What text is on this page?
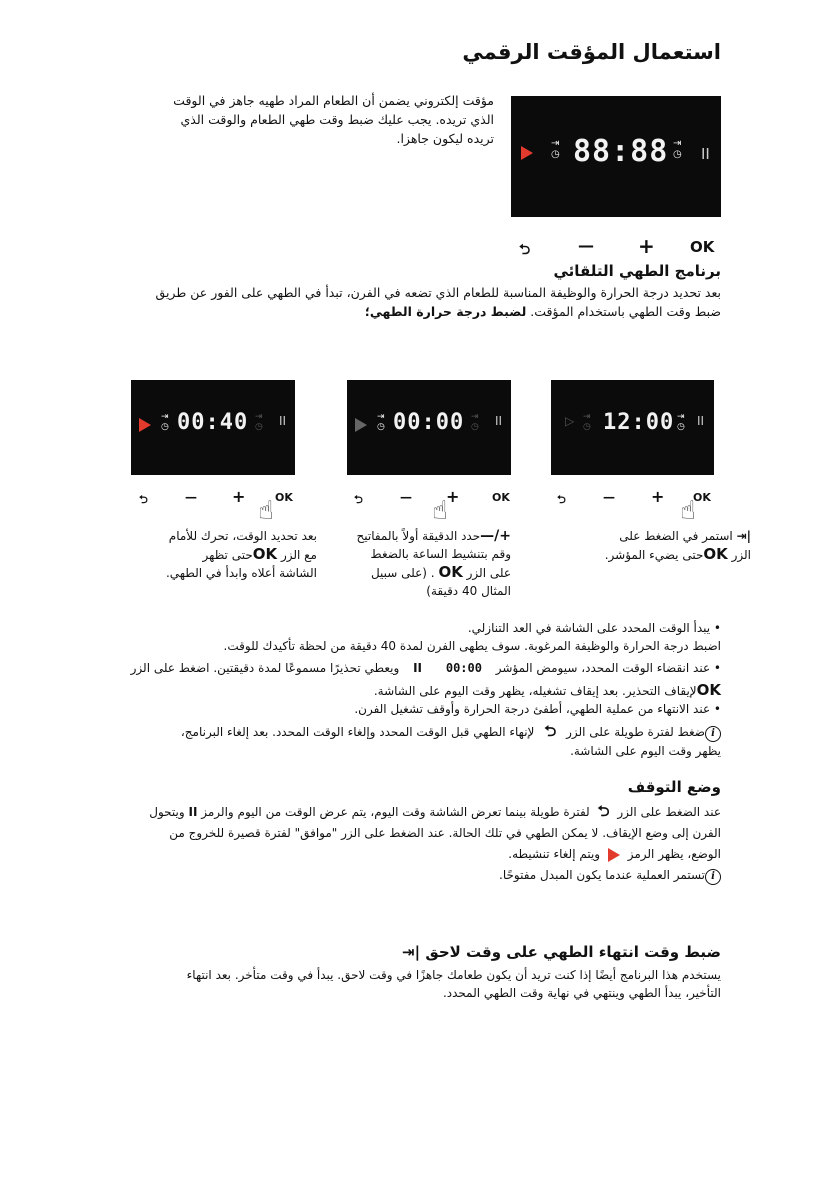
استعمال المؤقت الرقمي
مؤقت إلكتروني يضمن أن الطعام المراد طهيه جاهز في الوقت
الذي تريده. يجب عليك ضبط وقت طهي الطعام والوقت الذي
تريده ليكون جاهزا.	⇥
◷ 88:88 ⇥
◷ II
⮌	— + OK
برنامج الطهي التلقائي
بعد تحديد درجة الحرارة والوظيفة المناسبة للطعام الذي تضعه في الفرن، تبدأ في الطهي على الفور عن طريق
ضبط وقت الطهي باستخدام المؤقت. لضبط درجة حرارة الطهي؛
⇥
◷ 00:40 ⇥
◷ II	⇥
◷ 00:00 ⇥
◷ II	▷ ⇥
◷ 12:00 ⇥
◷ II
⮌	— +	OK
☝	⮌	— +	OK
☝	⮌	— +	OK
☝
|⇥ استمر في الضغط على
الزر OKحتى يضيء المؤشر.
+/—حدد الدقيقة أولاً بالمفاتيح
وقم بتنشيط الساعة بالضغط
على الزر OK . (على سبيل
المثال 40 دقيقة)
بعد تحديد الوقت، تحرك للأمام
مع الزر OKحتى تظهر
الشاشة أعلاه وابدأ في الطهي.
• يبدأ الوقت المحدد على الشاشة في العد التنازلي.
اضبط درجة الحرارة والوظيفة المرغوبة. سوف يطهى الفرن لمدة 40 دقيقة من لحظة تأكيدك للوقت.
• عند انقضاء الوقت المحدد، سيومض المؤشر 00:00 II ويعطي تحذيرًا مسموعًا لمدة دقيقتين. اضغط على الزر
OKلإيقاف التحذير. بعد إيقاف تشغيله، يظهر وقت اليوم على الشاشة.
• عند الانتهاء من عملية الطهي، أطفئ درجة الحرارة وأوقف تشغيل الفرن.
iضغط لفترة طويلة على الزر ⮌ لإنهاء الطهي قبل الوقت المحدد وإلغاء الوقت المحدد. بعد إلغاء البرنامج،
يظهر وقت اليوم على الشاشة.
وضع التوقف
عند الضغط على الزر ⮌ لفترة طويلة بينما تعرض الشاشة وقت اليوم، يتم عرض الوقت من اليوم والرمز II ويتحول
الفرن إلى وضع الإيقاف. لا يمكن الطهي في تلك الحالة. عند الضغط على الزر "موافق" لفترة قصيرة للخروج من
الوضع، يظهر الرمز  ويتم إلغاء تنشيطه.
iتستمر العملية عندما يكون المبدل مفتوحًا.
ضبط وقت انتهاء الطهي على وقت لاحق |⇥
يستخدم هذا البرنامج أيضًا إذا كنت تريد أن يكون طعامك جاهزًا في وقت لاحق. يبدأ في وقت متأخر. بعد انتهاء
التأخير، يبدأ الطهي وينتهي في نهاية وقت الطهي المحدد.
